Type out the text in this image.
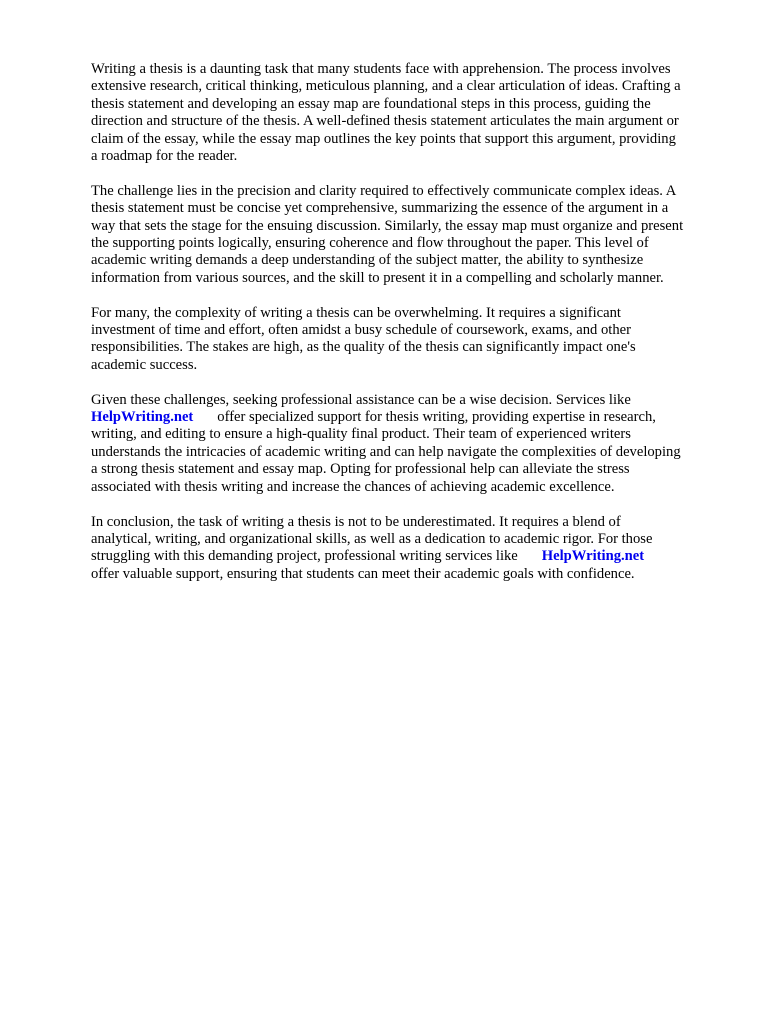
Writing a thesis is a daunting task that many students face with apprehension. The process involves
extensive research, critical thinking, meticulous planning, and a clear articulation of ideas. Crafting a
thesis statement and developing an essay map are foundational steps in this process, guiding the
direction and structure of the thesis. A well-defined thesis statement articulates the main argument or
claim of the essay, while the essay map outlines the key points that support this argument, providing
a roadmap for the reader.

The challenge lies in the precision and clarity required to effectively communicate complex ideas. A
thesis statement must be concise yet comprehensive, summarizing the essence of the argument in a
way that sets the stage for the ensuing discussion. Similarly, the essay map must organize and present
the supporting points logically, ensuring coherence and flow throughout the paper. This level of
academic writing demands a deep understanding of the subject matter, the ability to synthesize
information from various sources, and the skill to present it in a compelling and scholarly manner.

For many, the complexity of writing a thesis can be overwhelming. It requires a significant
investment of time and effort, often amidst a busy schedule of coursework, exams, and other
responsibilities. The stakes are high, as the quality of the thesis can significantly impact one's
academic success.

Given these challenges, seeking professional assistance can be a wise decision. Services like
HelpWriting.net offer specialized support for thesis writing, providing expertise in research,
writing, and editing to ensure a high-quality final product. Their team of experienced writers
understands the intricacies of academic writing and can help navigate the complexities of developing
a strong thesis statement and essay map. Opting for professional help can alleviate the stress
associated with thesis writing and increase the chances of achieving academic excellence.

In conclusion, the task of writing a thesis is not to be underestimated. It requires a blend of
analytical, writing, and organizational skills, as well as a dedication to academic rigor. For those
struggling with this demanding project, professional writing services like HelpWriting.net
offer valuable support, ensuring that students can meet their academic goals with confidence.
